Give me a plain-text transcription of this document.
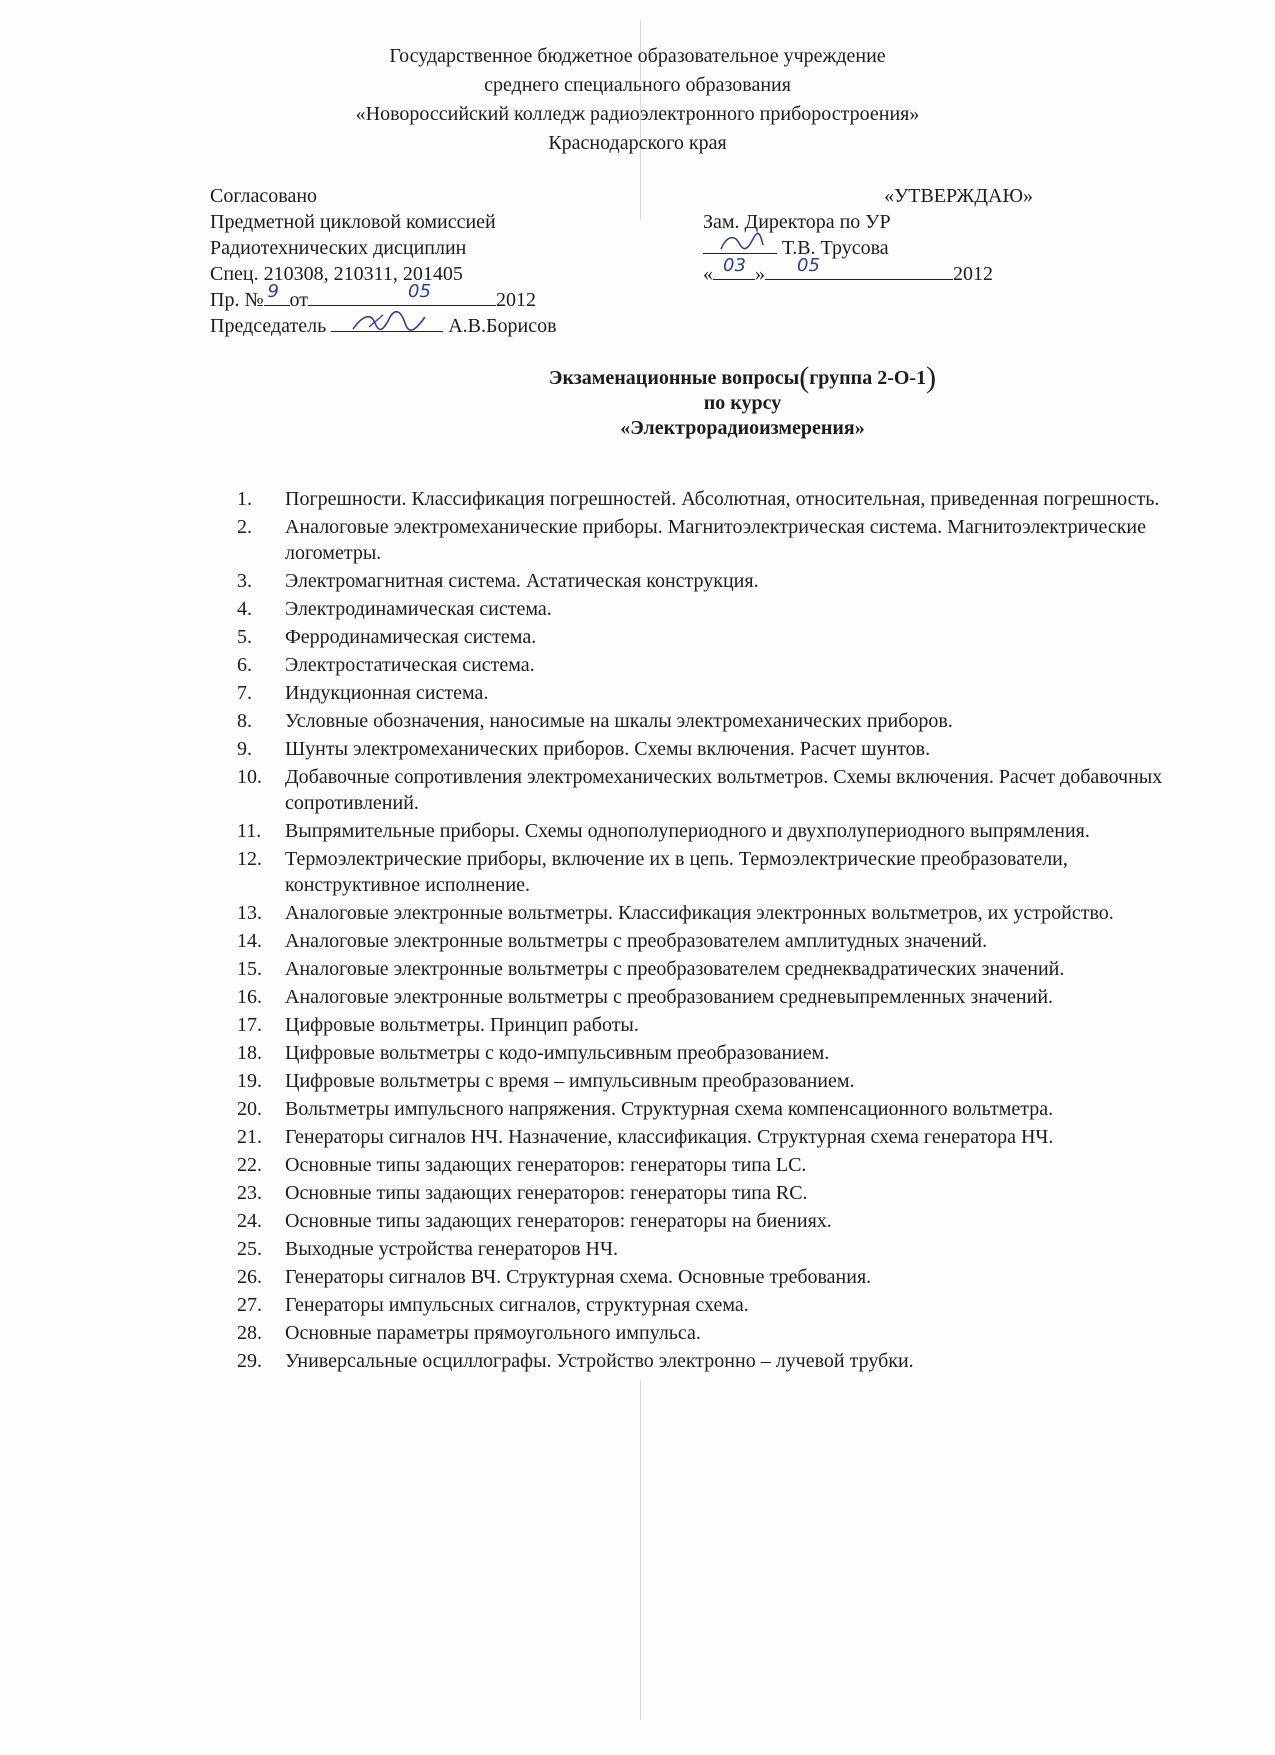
Государственное бюджетное образовательное учреждение
среднего специального образования
«Новороссийский колледж радиоэлектронного приборостроения»
Краснодарского края
Согласовано
Предметной цикловой комиссией
Радиотехнических дисциплин
Спец. 210308, 210311, 201405
Пр. № 9 от	05	2012
Председатель	А.В.Борисов
«УТВЕРЖДАЮ»
Зам. Директора по УР
Т.В. Трусова
« 03 » 05	2012
Экзаменационные вопросы(группа 2-О-1)
по курсу
«Электрорадиоизмерения»
1. Погрешности. Классификация погрешностей. Абсолютная, относительная, приведенная погрешность.
2. Аналоговые электромеханические приборы. Магнитоэлектрическая система. Магнитоэлектрические логометры.
3. Электромагнитная система. Астатическая конструкция.
4. Электродинамическая система.
5. Ферродинамическая система.
6. Электростатическая система.
7. Индукционная система.
8. Условные обозначения, наносимые на шкалы электромеханических приборов.
9. Шунты электромеханических приборов. Схемы включения. Расчет шунтов.
10. Добавочные сопротивления электромеханических вольтметров. Схемы включения. Расчет добавочных сопротивлений.
11. Выпрямительные приборы. Схемы однополупериодного и двухполупериодного выпрямления.
12. Термоэлектрические приборы, включение их в цепь. Термоэлектрические преобразователи, конструктивное исполнение.
13. Аналоговые электронные вольтметры. Классификация электронных вольтметров, их устройство.
14. Аналоговые электронные вольтметры с преобразователем амплитудных значений.
15. Аналоговые электронные вольтметры с преобразователем среднеквадратических значений.
16. Аналоговые электронные вольтметры с преобразованием средневыпремленных значений.
17. Цифровые вольтметры. Принцип работы.
18. Цифровые вольтметры с кодо-импульсивным преобразованием.
19. Цифровые вольтметры с время – импульсивным преобразованием.
20. Вольтметры импульсного напряжения. Структурная схема компенсационного вольтметра.
21. Генераторы сигналов НЧ. Назначение, классификация. Структурная схема генератора НЧ.
22. Основные типы задающих генераторов: генераторы типа LC.
23. Основные типы задающих генераторов: генераторы типа RC.
24. Основные типы задающих генераторов: генераторы на биениях.
25. Выходные устройства генераторов НЧ.
26. Генераторы сигналов ВЧ. Структурная схема. Основные требования.
27. Генераторы импульсных сигналов, структурная схема.
28. Основные параметры прямоугольного импульса.
29. Универсальные осциллографы. Устройство электронно – лучевой трубки.
